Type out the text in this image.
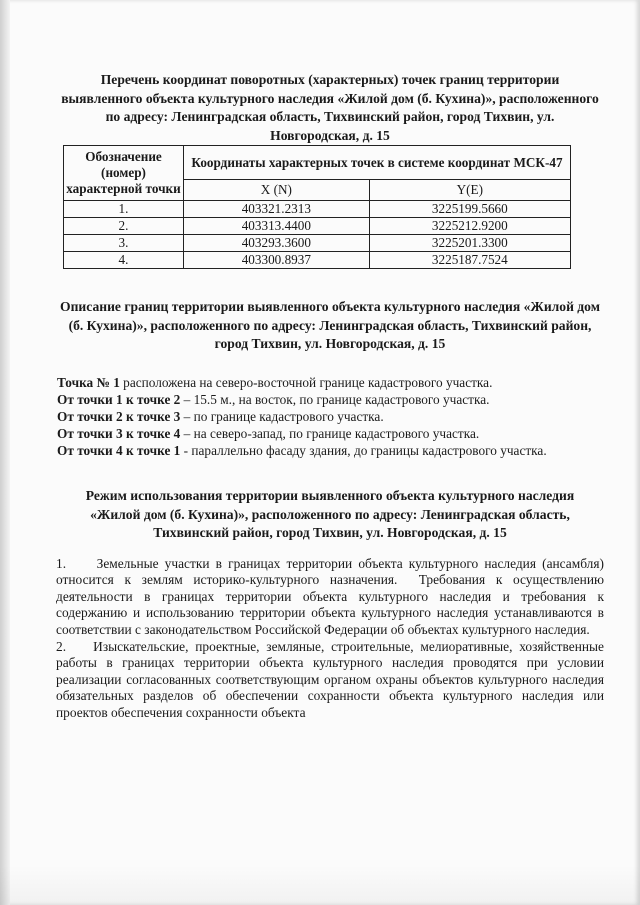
Перечень координат поворотных (характерных) точек границ территории выявленного объекта культурного наследия «Жилой дом (б. Кухина)», расположенного по адресу: Ленинградская область, Тихвинский район, город Тихвин, ул. Новгородская, д. 15
Обозначение (номер) характерной точки	Координаты характерных точек в системе координат МСК-47	
	X (N)	Y(E)
1.	403321.2313	3225199.5660
2.	403313.4400	3225212.9200
3.	403293.3600	3225201.3300
4.	403300.8937	3225187.7524
Описание границ территории выявленного объекта культурного наследия «Жилой дом (б. Кухина)», расположенного по адресу: Ленинградская область, Тихвинский район, город Тихвин, ул. Новгородская, д. 15

Точка № 1 расположена на северо-восточной границе кадастрового участка.

От точки 1 к точке 2 – 15.5 м., на восток, по границе кадастрового участка.

От точки 2 к точке 3 – по границе кадастрового участка.

От точки 3 к точке 4 – на северо-запад, по границе кадастрового участка.

От точки 4 к точке 1 - параллельно фасаду здания, до границы кадастрового участка.

Режим использования территории выявленного объекта культурного наследия «Жилой дом (б. Кухина)», расположенного по адресу: Ленинградская область, Тихвинский район, город Тихвин, ул. Новгородская, д. 15

1.     Земельные участки в границах территории объекта культурного наследия (ансамбля) относится к землям историко-культурного назначения.  Требования к осуществлению деятельности в границах территории объекта культурного наследия и требования к содержанию и использованию территории объекта культурного наследия устанавливаются в соответствии с законодательством Российской Федерации об объектах культурного наследия.

2.    Изыскательские, проектные, земляные, строительные, мелиоративные, хозяйственные работы в границах территории объекта культурного наследия проводятся при условии реализации согласованных соответствующим органом охраны объектов культурного наследия обязательных разделов об обеспечении сохранности объекта культурного наследия или проектов обеспечения сохранности объекта
